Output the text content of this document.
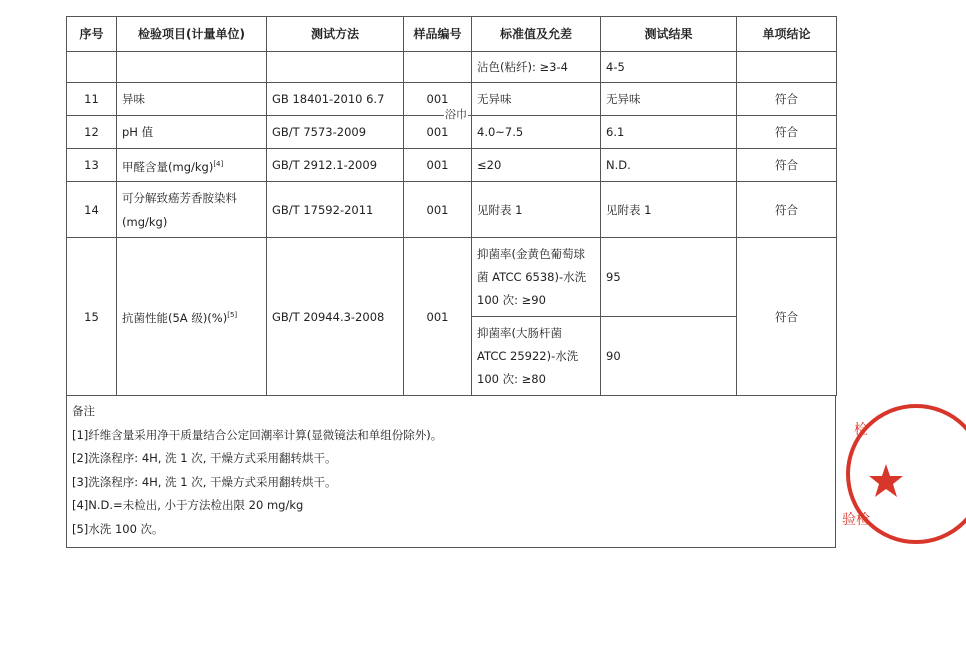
序号	检验项目(计量单位)	测试方法	样品编号	标准值及允差	测试结果	单项结论
				沾色(粘纤): ≥3-4	4-5	
11	异味	GB 18401-2010 6.7	001	无异味	无异味	符合
12	pH 值	GB/T 7573-2009	001	4.0~7.5	6.1	符合
13	甲醛含量(mg/kg)[4]	GB/T 2912.1-2009	001	≤20	N.D.	符合
14	可分解致癌芳香胺染料(mg/kg)	GB/T 17592-2011	001	见附表 1	见附表 1	符合
15	抗菌性能(5A 级)(%)[5]	GB/T 20944.3-2008	001	抑菌率(金黄色葡萄球菌 ATCC 6538)-水洗 100 次: ≥90	95	符合
				抑菌率(大肠杆菌 ATCC 25922)-水洗 100 次: ≥80	90	
备注
[1]纤维含量采用净干质量结合公定回潮率计算(显微镜法和单组份除外)。
[2]洗涤程序: 4H, 洗 1 次, 干燥方式采用翻转烘干。
[3]洗涤程序: 4H, 洗 1 次, 干燥方式采用翻转烘干。
[4]N.D.=未检出, 小于方法检出限 20 mg/kg
[5]水洗 100 次。
浴巾
检
验检
